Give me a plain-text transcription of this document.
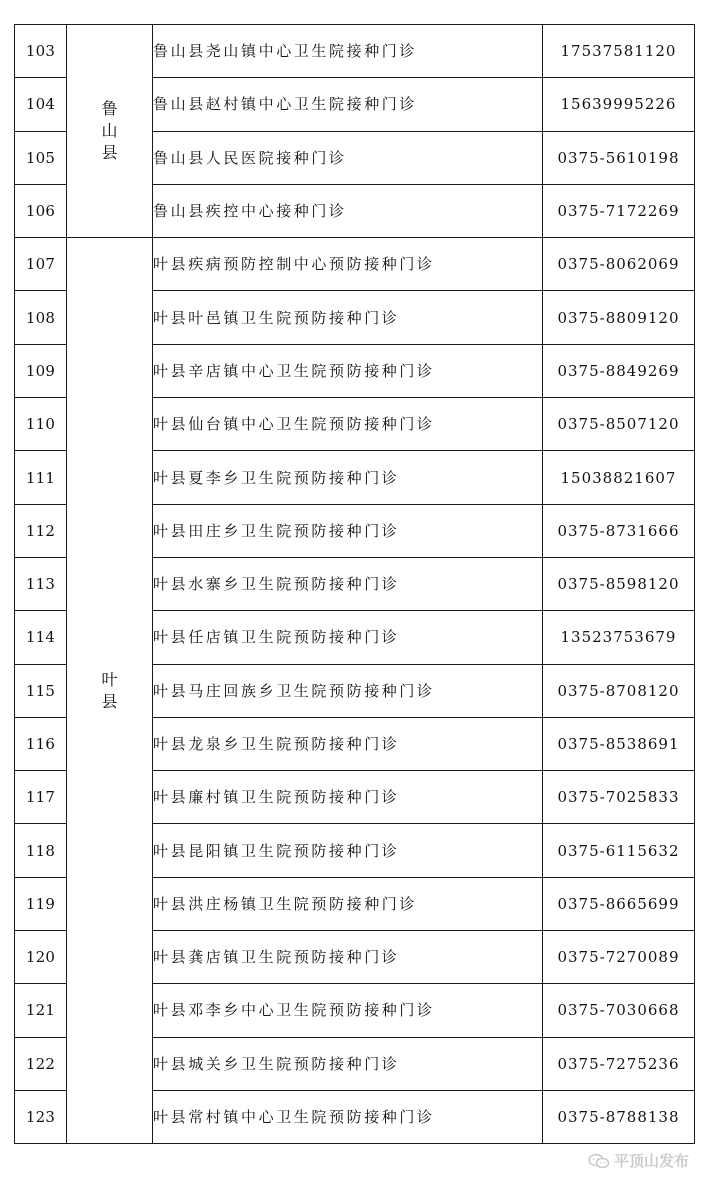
103	鲁山县	鲁山县尧山镇中心卫生院接种门诊	17537581120
104		鲁山县赵村镇中心卫生院接种门诊	15639995226
105		鲁山县人民医院接种门诊	0375-5610198
106		鲁山县疾控中心接种门诊	0375-7172269
107	叶县	叶县疾病预防控制中心预防接种门诊	0375-8062069
108		叶县叶邑镇卫生院预防接种门诊	0375-8809120
109		叶县辛店镇中心卫生院预防接种门诊	0375-8849269
110		叶县仙台镇中心卫生院预防接种门诊	0375-8507120
111		叶县夏李乡卫生院预防接种门诊	15038821607
112		叶县田庄乡卫生院预防接种门诊	0375-8731666
113		叶县水寨乡卫生院预防接种门诊	0375-8598120
114		叶县任店镇卫生院预防接种门诊	13523753679
115		叶县马庄回族乡卫生院预防接种门诊	0375-8708120
116		叶县龙泉乡卫生院预防接种门诊	0375-8538691
117		叶县廉村镇卫生院预防接种门诊	0375-7025833
118		叶县昆阳镇卫生院预防接种门诊	0375-6115632
119		叶县洪庄杨镇卫生院预防接种门诊	0375-8665699
120		叶县龚店镇卫生院预防接种门诊	0375-7270089
121		叶县邓李乡中心卫生院预防接种门诊	0375-7030668
122		叶县城关乡卫生院预防接种门诊	0375-7275236
123		叶县常村镇中心卫生院预防接种门诊	0375-8788138
平顶山发布
